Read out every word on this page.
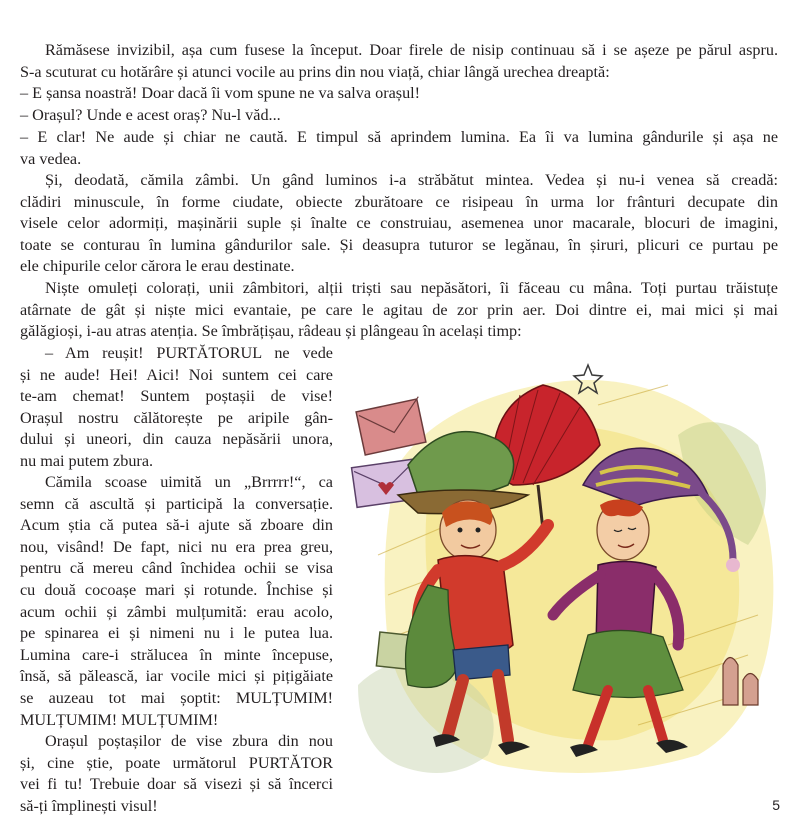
Rămăsese invizibil, așa cum fusese la început. Doar firele de nisip continuau să i se așeze pe părul aspru.
S-a scuturat cu hotărâre și atunci vocile au prins din nou viață, chiar lângă urechea dreaptă:
– E șansa noastră! Doar dacă îi vom spune ne va salva orașul!
– Orașul? Unde e acest oraș? Nu-l văd...
– E clar! Ne aude și chiar ne caută. E timpul să aprindem lumina. Ea îi va lumina gândurile și așa ne
va vedea.
Și, deodată, cămila zâmbi. Un gând luminos i-a străbătut mintea. Vedea și nu-i venea să creadă:
clădiri minuscule, în forme ciudate, obiecte zburătoare ce risipeau în urma lor frânturi decupate din
visele celor adormiți, mașinării suple și înalte ce construiau, asemenea unor macarale, blocuri de imagini,
toate se conturau în lumina gândurilor sale. Și deasupra tuturor se legănau, în șiruri, plicuri ce purtau pe
ele chipurile celor cărora le erau destinate.
Niște omuleți colorați, unii zâmbitori, alții triști sau nepăsători, îi făceau cu mâna. Toți purtau trăistuțe
atârnate de gât și niște mici evantaie, pe care le agitau de zor prin aer. Doi dintre ei, mai mici și mai
gălăgioși, i-au atras atenția. Se îmbrățișau, râdeau și plângeau în același timp:
– Am reușit! PURTĂTORUL ne vede
și ne aude! Hei! Aici! Noi suntem cei care
te-am chemat! Suntem poștașii de vise!
Orașul nostru călătorește pe aripile gân-
dului și uneori, din cauza nepăsării unora,
nu mai putem zbura.
Cămila scoase uimită un „Brrrrr!“, ca
semn că ascultă și participă la conversație.
Acum știa că putea să-i ajute să zboare din
nou, visând! De fapt, nici nu era prea greu,
pentru că mereu când închidea ochii se visa
cu două cocoașe mari și rotunde. Închise și
acum ochii și zâmbi mulțumită: erau acolo,
pe spinarea ei și nimeni nu i le putea lua.
Lumina care-i strălucea în minte începuse,
însă, să pălească, iar vocile mici și pițigăiate
se auzeau tot mai șoptit: MULȚUMIM!
MULȚUMIM! MULȚUMIM!
Orașul poștașilor de vise zbura din nou
și, cine știe, poate următorul PURTĂTOR
vei fi tu! Trebuie doar să visezi și să încerci
să-ți împlinești visul!	5
